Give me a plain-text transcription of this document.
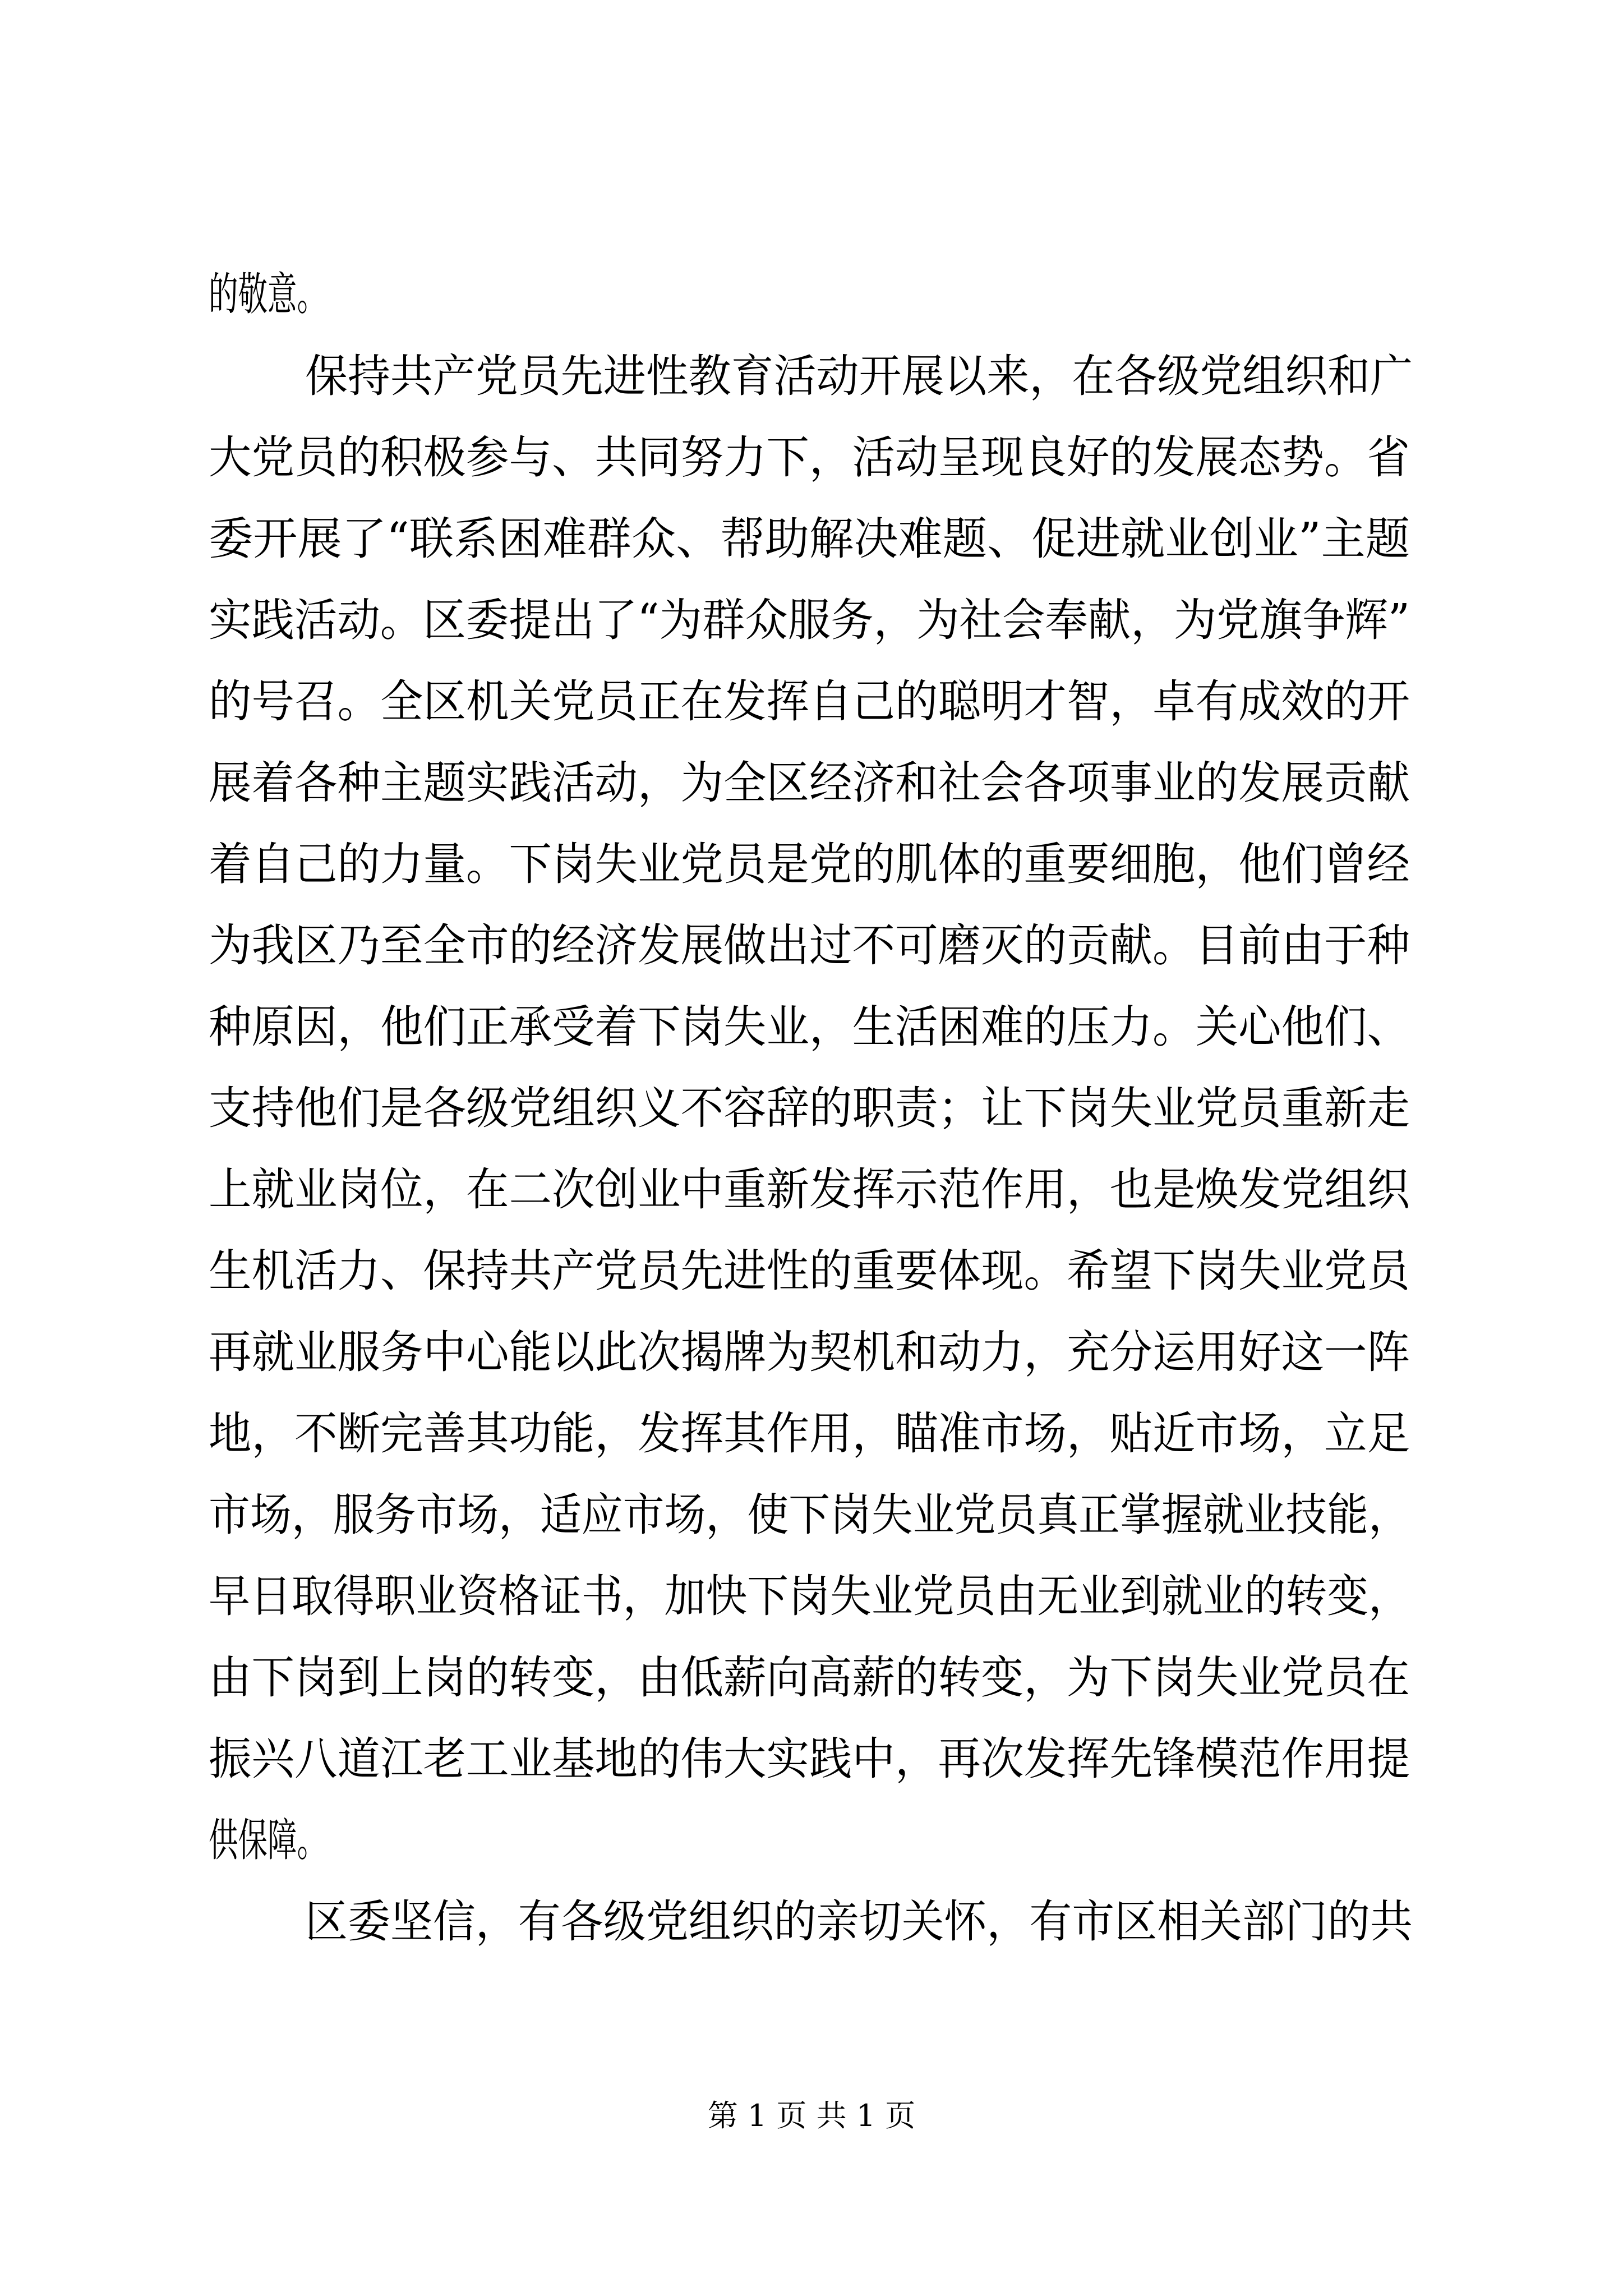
的敬意。
保持共产党员先进性教育活动开展以来，在各级党组织和广
大党员的积极参与、共同努力下，活动呈现良好的发展态势。省
委开展了“联系困难群众、帮助解决难题、促进就业创业”主题
实践活动。区委提出了“为群众服务，为社会奉献，为党旗争辉”
的号召。全区机关党员正在发挥自己的聪明才智，卓有成效的开
展着各种主题实践活动，为全区经济和社会各项事业的发展贡献
着自己的力量。下岗失业党员是党的肌体的重要细胞，他们曾经
为我区乃至全市的经济发展做出过不可磨灭的贡献。目前由于种
种原因，他们正承受着下岗失业，生活困难的压力。关心他们、
支持他们是各级党组织义不容辞的职责；让下岗失业党员重新走
上就业岗位，在二次创业中重新发挥示范作用，也是焕发党组织
生机活力、保持共产党员先进性的重要体现。希望下岗失业党员
再就业服务中心能以此次揭牌为契机和动力，充分运用好这一阵
地，不断完善其功能，发挥其作用，瞄准市场，贴近市场，立足
市场，服务市场，适应市场，使下岗失业党员真正掌握就业技能，
早日取得职业资格证书，加快下岗失业党员由无业到就业的转变，
由下岗到上岗的转变，由低薪向高薪的转变，为下岗失业党员在
振兴八道江老工业基地的伟大实践中，再次发挥先锋模范作用提
供保障。
区委坚信，有各级党组织的亲切关怀，有市区相关部门的共
第 1 页 共 1 页
